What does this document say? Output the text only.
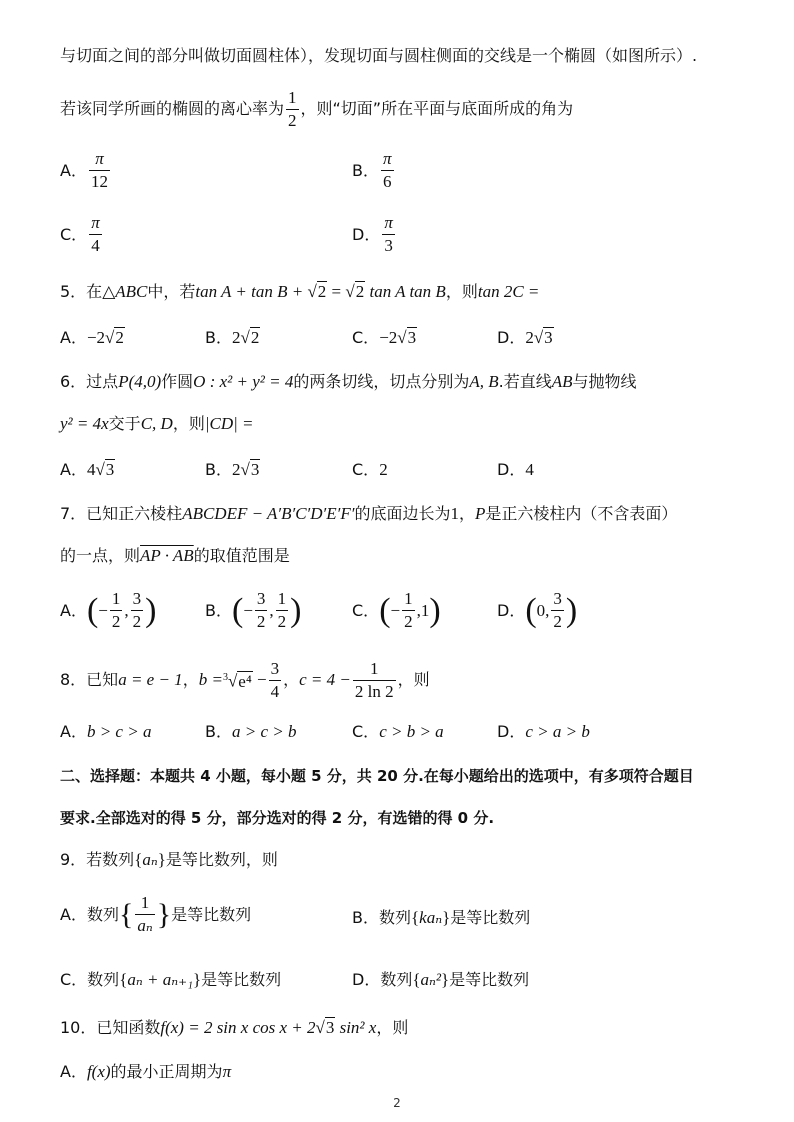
与切面之间的部分叫做切面圆柱体），发现切面与圆柱侧面的交线是一个椭圆（如图所示）.
若该同学所画的椭圆的离心率为 $\frac{1}{2}$ ，则“切面”所在平面与底面所成的角为
A． $\frac{\pi}{12}$	B． $\frac{\pi}{6}$
C． $\frac{\pi}{4}$	D． $\frac{\pi}{3}$
5．在△ABC中，若tan A + tan B + √2 = √2 tan A tan B，则tan 2C =
A．−2√2	B．2√2	C．−2√3	D．2√3
6．过点P(4,0)作圆O : x² + y² = 4的两条切线，切点分别为A, B.若直线AB与抛物线
y² = 4x交于C, D，则|CD| =
A．4√3	B．2√3	C．2	D．4
7．已知正六棱柱ABCDEF − A′B′C′D′E′F′的底面边长为1，P是正六棱柱内（不含表面）
的一点，则AP · AB的取值范围是
A． ( − $\frac{1}{2}$ , $\frac{3}{2}$ )	B． ( − $\frac{3}{2}$ , $\frac{1}{2}$ )	C． ( − $\frac{1}{2}$ , 1 )	D． ( 0 , $\frac{3}{2}$ )
8．已知 a = e − 1 ， $b = ^3√e^4 - \frac{3}{4}$ ， $c = 4 - \frac{1}{2 \ln 2}$ ，则
A．b > c > a	B．a > c > b	C．c > b > a	D．c > a > b
二、选择题：本题共 4 小题，每小题 5 分，共 20 分.在每小题给出的选项中，有多项符合题目
要求.全部选对的得 5 分，部分选对的得 2 分，有选错的得 0 分.
9．若数列{aₙ}是等比数列，则
A．数列 { $\frac{1}{\text{aₙ}}$ } 是等比数列	B．数列{kaₙ}是等比数列
C．数列{aₙ + aₙ₊₁}是等比数列	D．数列{aₙ²}是等比数列
10．已知函数f(x) = 2 sin x cos x + 2√3 sin² x，则
A．f(x)的最小正周期为π
2
